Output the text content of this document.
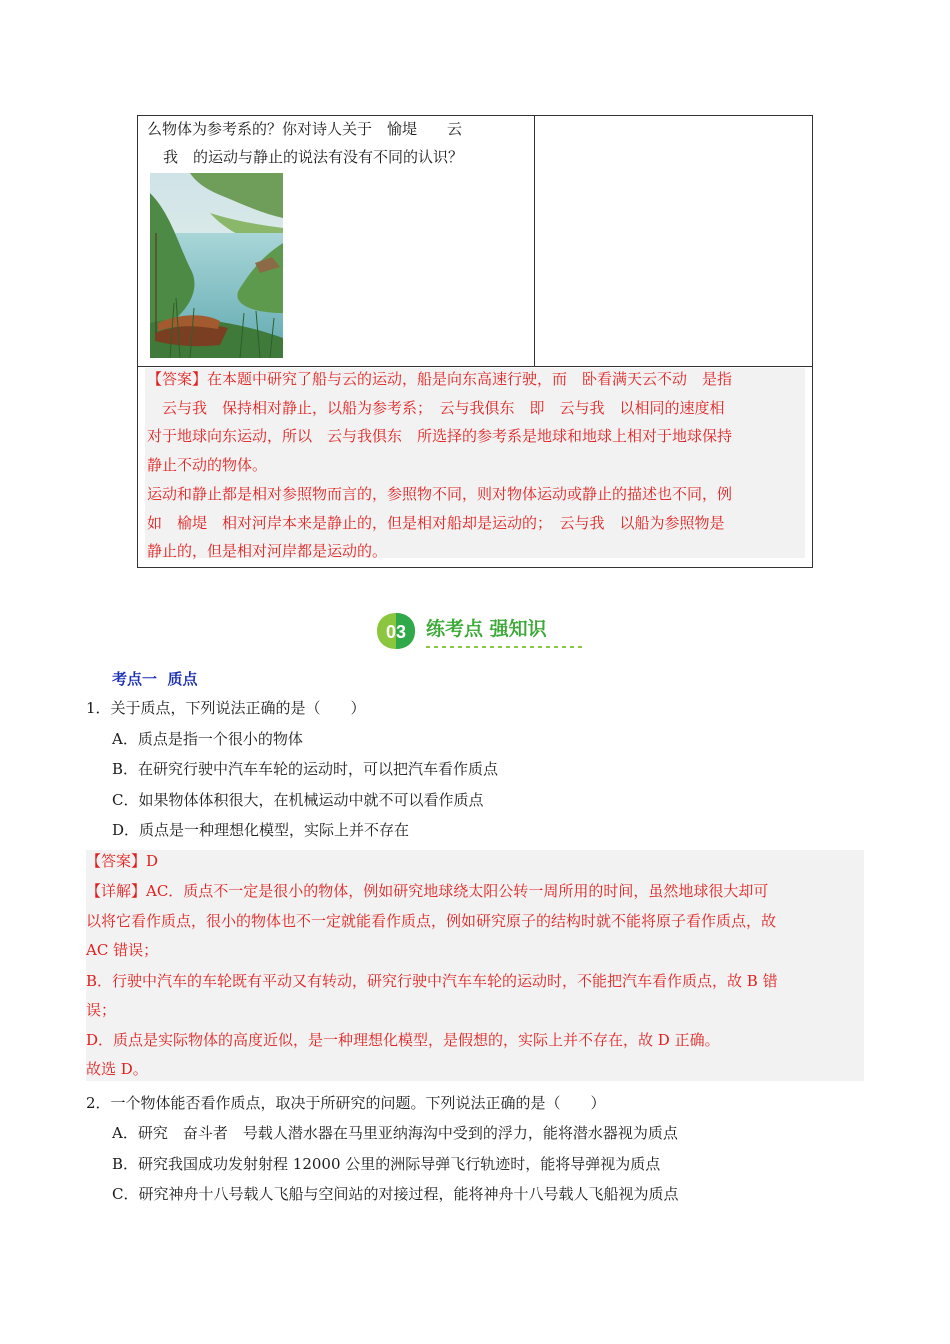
么物体为参考系的？你对诗人关于　愉堤　　云
我　的运动与静止的说法有没有不同的认识？
【答案】在本题中研究了船与云的运动，船是向东高速行驶，而　卧看满天云不动　是指
　云与我　保持相对静止，以船为参考系；　云与我俱东　即　云与我　以相同的速度相
对于地球向东运动，所以　云与我俱东　所选择的参考系是地球和地球上相对于地球保持
静止不动的物体。
运动和静止都是相对参照物而言的，参照物不同，则对物体运动或静止的描述也不同，例
如　榆堤　相对河岸本来是静止的，但是相对船却是运动的；　云与我　以船为参照物是
静止的，但是相对河岸都是运动的。
03 练考点 强知识
考点一  质点
1．关于质点，下列说法正确的是（　　）
A．质点是指一个很小的物体
B．在研究行驶中汽车车轮的运动时，可以把汽车看作质点
C．如果物体体积很大，在机械运动中就不可以看作质点
D．质点是一种理想化模型，实际上并不存在
【答案】D
【详解】AC．质点不一定是很小的物体，例如研究地球绕太阳公转一周所用的时间，虽然地球很大却可
以将它看作质点，很小的物体也不一定就能看作质点，例如研究原子的结构时就不能将原子看作质点，故
AC 错误；
B．行驶中汽车的车轮既有平动又有转动，研究行驶中汽车车轮的运动时，不能把汽车看作质点，故 B 错
误；
D．质点是实际物体的高度近似，是一种理想化模型，是假想的，实际上并不存在，故 D 正确。
故选 D。
2．一个物体能否看作质点，取决于所研究的问题。下列说法正确的是（　　）
A．研究　奋斗者　号载人潜水器在马里亚纳海沟中受到的浮力，能将潜水器视为质点
B．研究我国成功发射射程 12000 公里的洲际导弹飞行轨迹时，能将导弹视为质点
C．研究神舟十八号载人飞船与空间站的对接过程，能将神舟十八号载人飞船视为质点
